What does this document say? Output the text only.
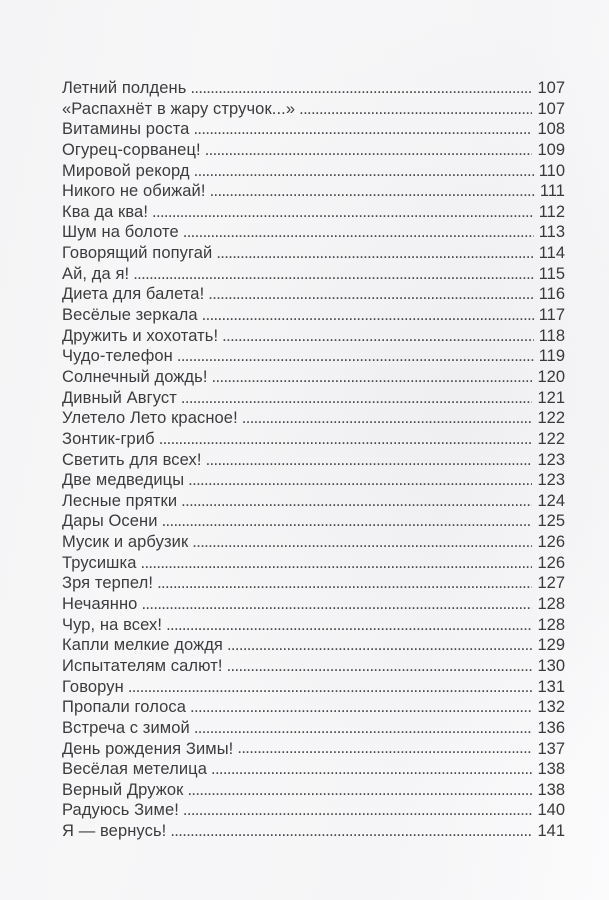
Летний полдень . . .	107
«Распахнёт в жару стручок...» . . .	107
Витамины роста . . .	108
Огурец-сорванец! . . .	109
Мировой рекорд . . .	110
Никого не обижай! . . .	111
Ква да ква! . . .	112
Шум на болоте . . .	113
Говорящий попугай . . .	114
Ай, да я! . . .	115
Диета для балета! . . .	116
Весёлые зеркала . . .	117
Дружить и хохотать! . . .	118
Чудо-телефон . . .	119
Солнечный дождь! . . .	120
Дивный Август . . .	121
Улетело Лето красное! . . .	122
Зонтик-гриб . . .	122
Светить для всех! . . .	123
Две медведицы . . .	123
Лесные прятки . . .	124
Дары Осени . . .	125
Мусик и арбузик . . .	126
Трусишка . . .	126
Зря терпел! . . .	127
Нечаянно . . .	128
Чур, на всех! . . .	128
Капли мелкие дождя . . .	129
Испытателям салют! . . .	130
Говорун . . .	131
Пропали голоса . . .	132
Встреча с зимой . . .	136
День рождения Зимы! . . .	137
Весёлая метелица . . .	138
Верный Дружок . . .	138
Радуюсь Зиме! . . .	140
Я — вернусь! . . .	141
